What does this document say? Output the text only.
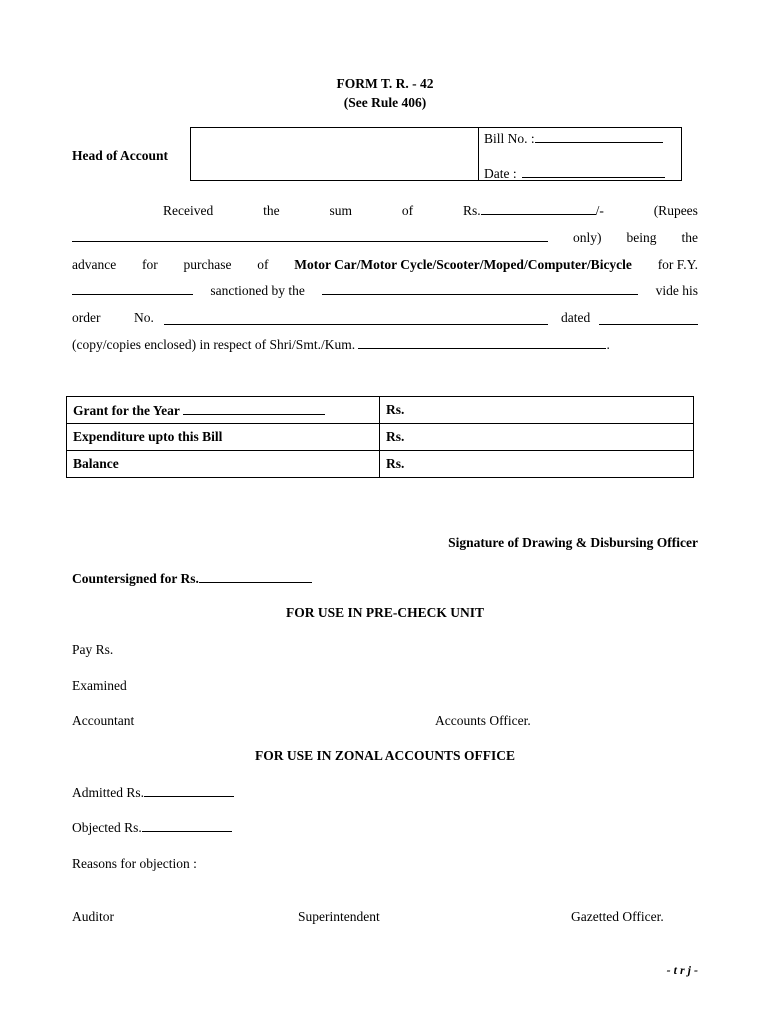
FORM T. R. - 42
(See Rule 406)
Head of Account
Bill No. :
Date :
Received	the	sum	of	Rs.	/-	(Rupees
only) being the
advance for purchase of Motor Car/Motor Cycle/Scooter/Moped/Computer/Bicycle for F.Y.
sanctioned by the	vide his
order No.	dated
(copy/copies enclosed) in respect of Shri/Smt./Kum.	.
Grant for the Year	Rs.
Expenditure upto this Bill	Rs.
Balance	Rs.
Signature of Drawing & Disbursing Officer
Countersigned for Rs.
FOR USE IN PRE-CHECK UNIT
Pay Rs.
Examined
Accountant	Accounts Officer.
FOR USE IN ZONAL ACCOUNTS OFFICE
Admitted Rs.
Objected Rs.
Reasons for objection :
Auditor	Superintendent	Gazetted Officer.
- t r j -
